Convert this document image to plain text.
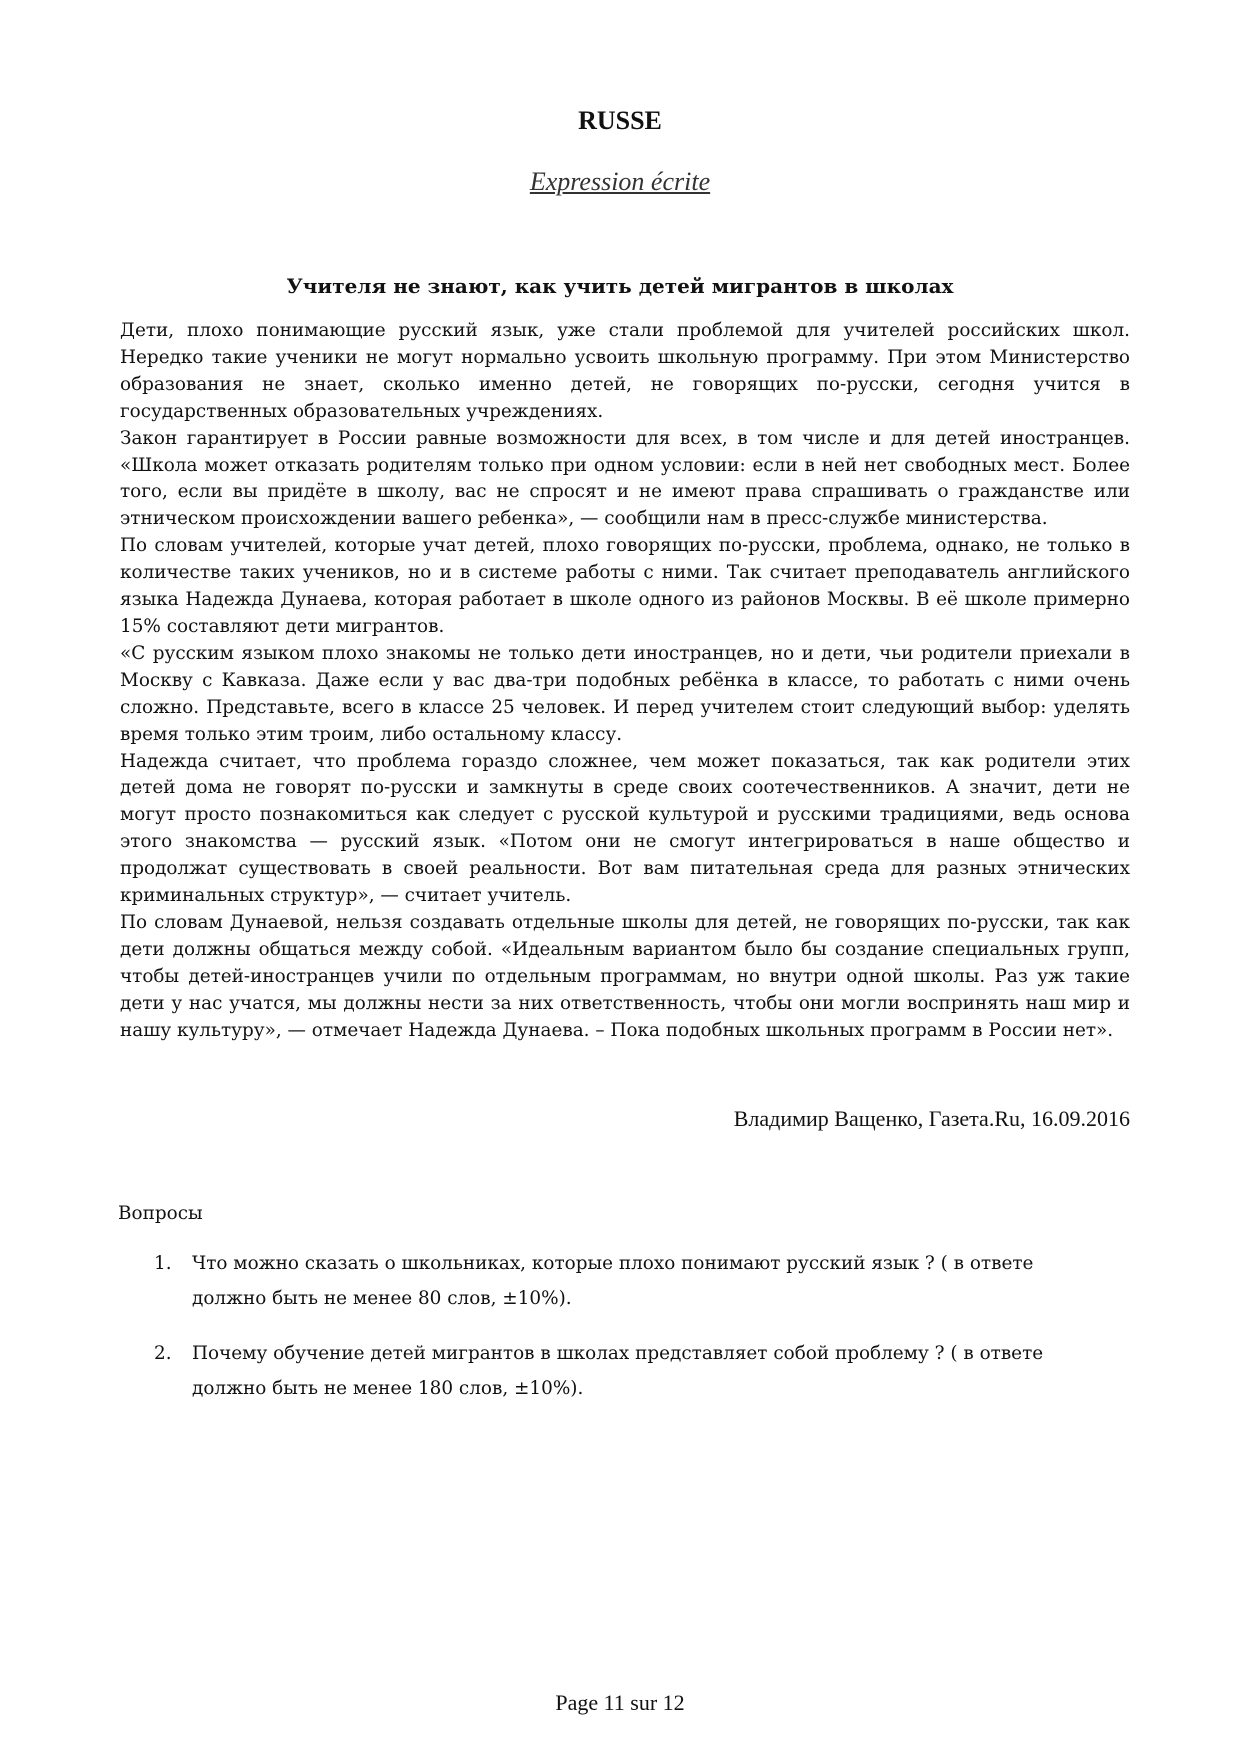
RUSSE
Expression écrite
Учителя не знают, как учить детей мигрантов в школах

Дети, плохо понимающие русский язык, уже стали проблемой для учителей российских школ. Нередко такие ученики не могут нормально усвоить школьную программу. При этом Министерство образования не знает, сколько именно детей, не говорящих по-русски, сегодня учится в государственных образовательных учреждениях.

Закон гарантирует в России равные возможности для всех, в том числе и для детей иностранцев. «Школа может отказать родителям только при одном условии: если в ней нет свободных мест. Более того, если вы придёте в школу, вас не спросят и не имеют права спрашивать о гражданстве или этническом происхождении вашего ребенка», — сообщили нам в пресс-службе министерства.

По словам учителей, которые учат детей, плохо говорящих по-русски, проблема, однако, не только в количестве таких учеников, но и в системе работы с ними. Так считает преподаватель английского языка Надежда Дунаева, которая работает в школе одного из районов Москвы. В её школе примерно 15% составляют дети мигрантов.

«С русским языком плохо знакомы не только дети иностранцев, но и дети, чьи родители приехали в Москву с Кавказа. Даже если у вас два-три подобных ребёнка в классе, то работать с ними очень сложно. Представьте, всего в классе 25 человек. И перед учителем стоит следующий выбор: уделять время только этим троим, либо остальному классу.

Надежда считает, что проблема гораздо сложнее, чем может показаться, так как родители этих детей дома не говорят по-русски и замкнуты в среде своих соотечественников. А значит, дети не могут просто познакомиться как следует с русской культурой и русскими традициями, ведь основа этого знакомства — русский язык. «Потом они не смогут интегрироваться в наше общество и продолжат существовать в своей реальности. Вот вам питательная среда для разных этнических криминальных структур», — считает учитель.

По словам Дунаевой, нельзя создавать отдельные школы для детей, не говорящих по-русски, так как дети должны общаться между собой. «Идеальным вариантом было бы создание специальных групп, чтобы детей-иностранцев учили по отдельным программам, но внутри одной школы. Раз уж такие дети у нас учатся, мы должны нести за них ответственность, чтобы они могли воспринять наш мир и нашу культуру», — отмечает Надежда Дунаева. – Пока подобных школьных программ в России нет».

Владимир Ващенко, Газета.Ru, 16.09.2016
Вопросы
1.	Что можно сказать о школьниках, которые плохо понимают русский язык ? ( в ответе должно быть не менее 80 слов, ±10%).
2.	Почему обучение детей мигрантов в школах представляет собой проблему ? ( в ответе должно быть не менее 180 слов, ±10%).
Page 11 sur 12
